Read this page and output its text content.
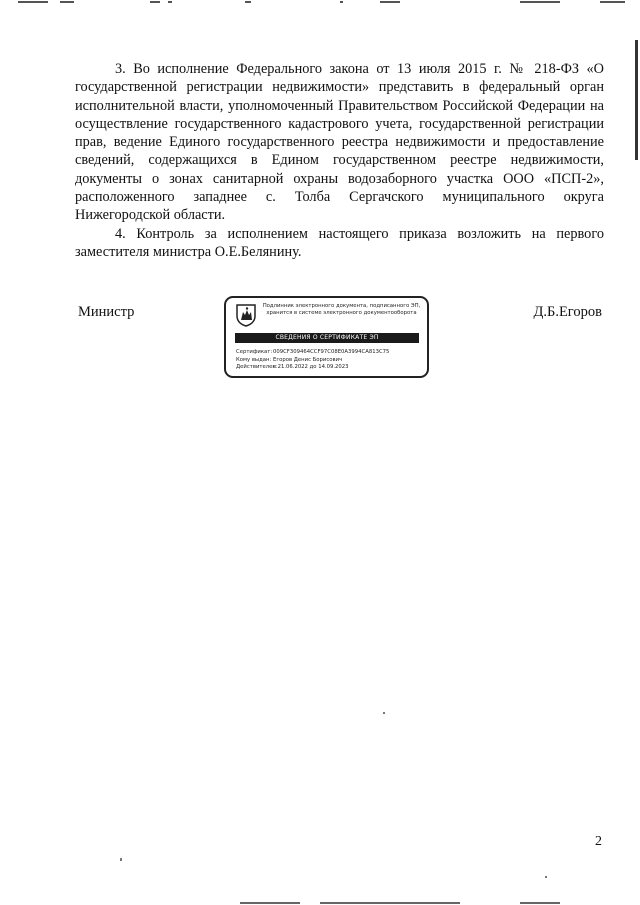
3. Во исполнение Федерального закона от 13 июля 2015 г. № 218-ФЗ «О государственной регистрации недвижимости» представить в федеральный орган исполнительной власти, уполномоченный Правительством Российской Федерации на осуществление государственного кадастрового учета, государственной регистрации прав, ведение Единого государственного реестра недвижимости и предоставление сведений, содержащихся в Едином государственном реестре недвижимости, документы о зонах санитарной охраны водозаборного участка ООО «ПСП-2», расположенного западнее с. Толба Сергачского муниципального округа Нижегородской области.

4. Контроль за исполнением настоящего приказа возложить на первого заместителя министра О.Е.Белянину.

Министр	Д.Б.Егоров
Подлинник электронного документа, подписанного ЭП, хранится в системе электронного документооборота
СВЕДЕНИЯ О СЕРТИФИКАТЕ ЭП
Сертификат:009CF309464CCF97C08E0A3994CA813C75
Кому выдан: Егоров Денис Борисович
Действителен:с 21.06.2022 до 14.09.2023
2
